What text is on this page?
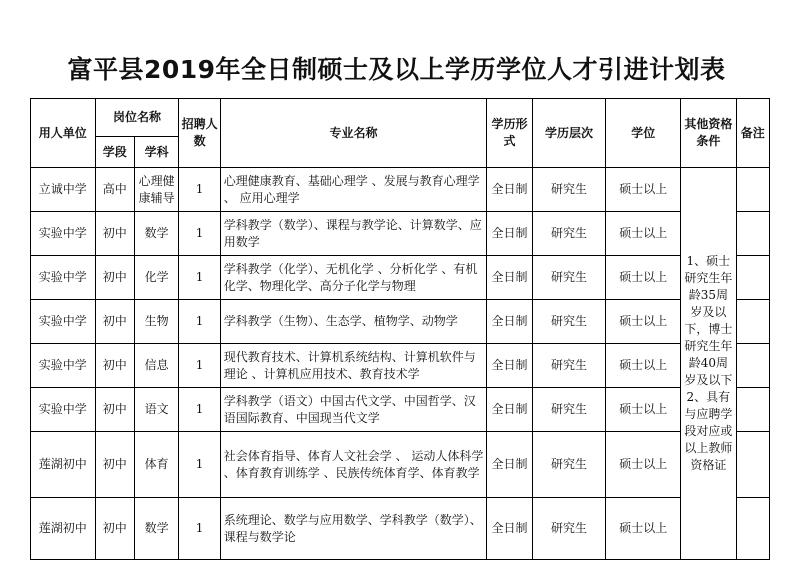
富平县2019年全日制硕士及以上学历学位人才引进计划表
用人单位	岗位名称		招聘人数	专业名称	学历形式	学历层次	学位	其他资格条件	备注
	学段	学科							
立诚中学	高中	心理健康辅导	1	心理健康教育、基础心理学 、发展与教育心理学 、 应用心理学	全日制	研究生	硕士以上	1、硕士研究生年龄35周岁及以下，博士研究生年龄40周岁及以下
2、具有与应聘学段对应或以上教师资格证	
实验中学	初中	数学	1	学科教学（数学）、课程与教学论、计算数学、应用数学	全日制	研究生	硕士以上		
实验中学	初中	化学	1	学科教学（化学）、无机化学 、分析化学 、有机化学、物理化学、高分子化学与物理	全日制	研究生	硕士以上		
实验中学	初中	生物	1	学科教学（生物）、生态学、植物学、动物学	全日制	研究生	硕士以上		
实验中学	初中	信息	1	现代教育技术、计算机系统结构、计算机软件与理论 、计算机应用技术、教育技术学	全日制	研究生	硕士以上		
实验中学	初中	语文	1	学科教学（语文）中国古代文学、中国哲学、汉语国际教育、中国现当代文学	全日制	研究生	硕士以上		
莲湖初中	初中	体育	1	社会体育指导、体育人文社会学 、 运动人体科学 、体育教育训练学 、民族传统体育学、体育教学	全日制	研究生	硕士以上		
莲湖初中	初中	数学	1	系统理论、数学与应用数学、学科教学（数学）、课程与数学论	全日制	研究生	硕士以上		
